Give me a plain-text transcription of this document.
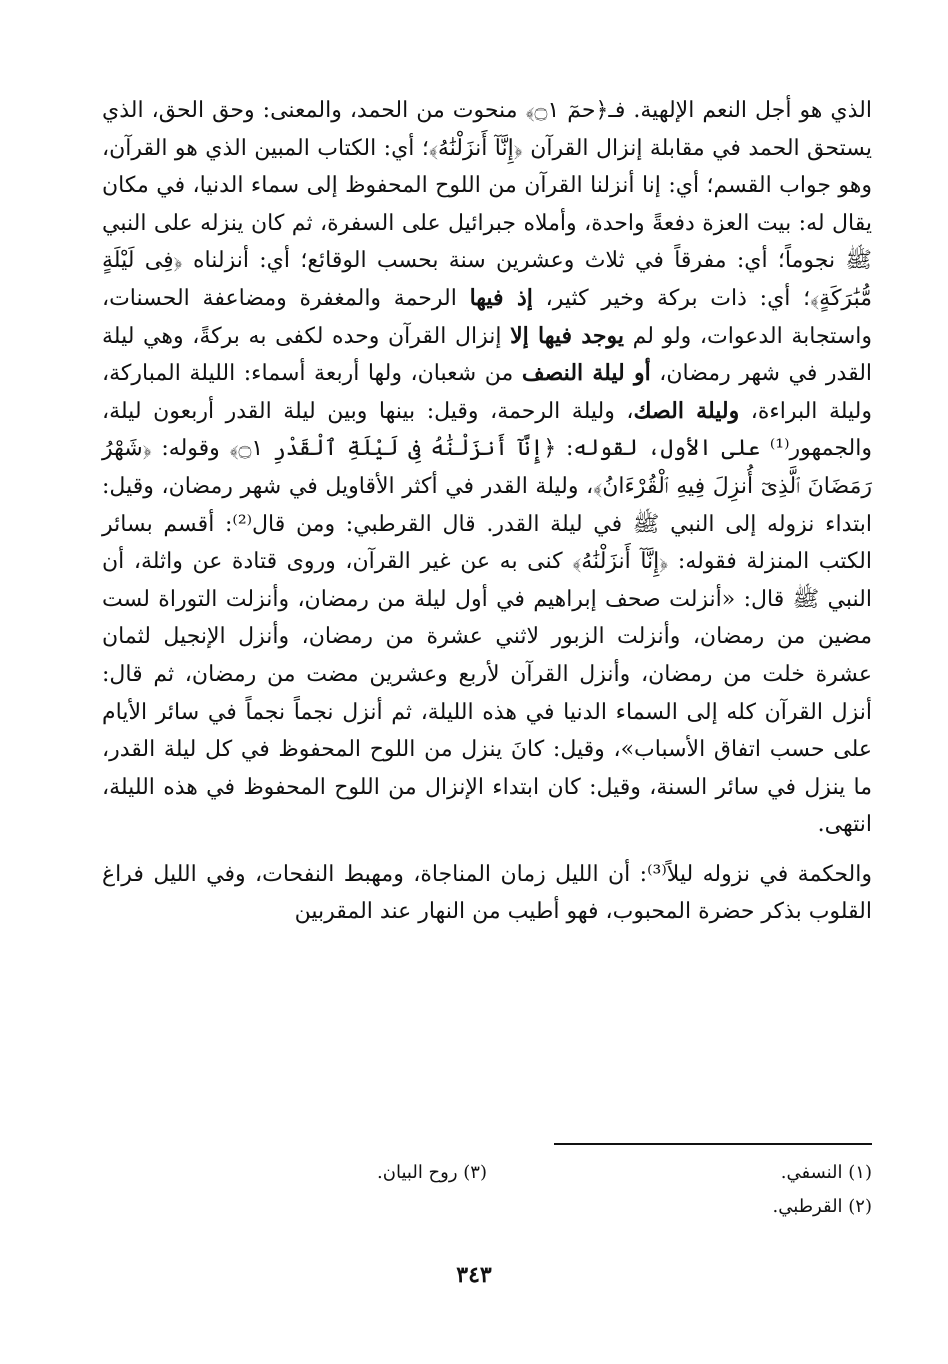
الذي هو أجل النعم الإلهية. فـ﴿حمٓ ۝١﴾ منحوت من الحمد، والمعنى: وحق الحق، الذي يستحق الحمد في مقابلة إنزال القرآن ﴿إِنَّآ أَنزَلْنَٰهُ﴾؛ أي: الكتاب المبين الذي هو القرآن، وهو جواب القسم؛ أي: إنا أنزلنا القرآن من اللوح المحفوظ إلى سماء الدنيا، في مكان يقال له: بيت العزة دفعةً واحدة، وأملاه جبرائيل على السفرة، ثم كان ينزله على النبي ﷺ نجوماً؛ أي: مفرقاً في ثلاث وعشرين سنة بحسب الوقائع؛ أي: أنزلناه ﴿فِى لَيْلَةٍ مُّبَٰرَكَةٍ﴾؛ أي: ذات بركة وخير كثير، إذ فيها الرحمة والمغفرة ومضاعفة الحسنات، واستجابة الدعوات، ولو لم يوجد فيها إلا إنزال القرآن وحده لكفى به بركةً، وهي ليلة القدر في شهر رمضان، أو ليلة النصف من شعبان، ولها أربعة أسماء: الليلة المباركة، وليلة البراءة، وليلة الصك، وليلة الرحمة، وقيل: بينها وبين ليلة القدر أربعون ليلة، والجمهور⁽¹⁾ على الأول، لقوله: ﴿إِنَّآ أَنزَلْنَٰهُ فِى لَيْلَةِ ٱلْقَدْرِ ۝١﴾ وقوله: ﴿شَهْرُ رَمَضَانَ ٱلَّذِىٓ أُنزِلَ فِيهِ ٱلْقُرْءَانُ﴾، وليلة القدر في أكثر الأقاويل في شهر رمضان، وقيل: ابتداء نزوله إلى النبي ﷺ في ليلة القدر. قال القرطبي: ومن قال⁽²⁾: أقسم بسائر الكتب المنزلة فقوله: ﴿إِنَّآ أَنزَلْنَٰهُ﴾ كنى به عن غير القرآن، وروى قتادة عن واثلة، أن النبي ﷺ قال: «أنزلت صحف إبراهيم في أول ليلة من رمضان، وأنزلت التوراة لست مضين من رمضان، وأنزلت الزبور لاثني عشرة من رمضان، وأنزل الإنجيل لثمان عشرة خلت من رمضان، وأنزل القرآن لأربع وعشرين مضت من رمضان، ثم قال: أنزل القرآن كله إلى السماء الدنيا في هذه الليلة، ثم أنزل نجماً نجماً في سائر الأيام على حسب اتفاق الأسباب»، وقيل: كانَ ينزل من اللوح المحفوظ في كل ليلة القدر، ما ينزل في سائر السنة، وقيل: كان ابتداء الإنزال من اللوح المحفوظ في هذه الليلة، انتهى.

والحكمة في نزوله ليلاً⁽³⁾: أن الليل زمان المناجاة، ومهبط النفحات، وفي الليل فراغ القلوب بذكر حضرة المحبوب، فهو أطيب من النهار عند المقربين

(١) النسفي.
(٣) روح البيان.
(٢) القرطبي.
٣٤٣
